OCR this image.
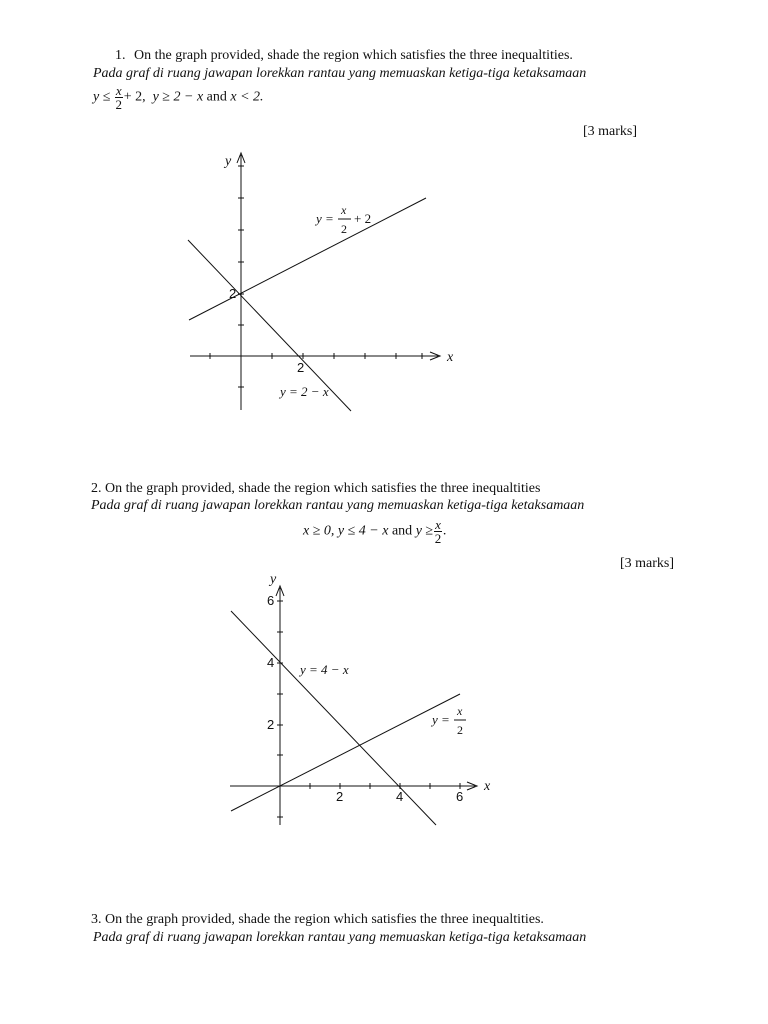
1. On the graph provided, shade the region which satisfies the three inequaltities.
Pada graf di ruang jawapan lorekkan rantau yang memuaskan ketiga-tiga ketaksamaan
$y \le \frac{x}{2} + 2$, y ≥ 2 − x and x < 2.
[3 marks]
y
x
2
2
y =
x
2
+ 2
y = 2 − x
2. On the graph provided, shade the region which satisfies the three inequaltities
Pada graf di ruang jawapan lorekkan rantau yang memuaskan ketiga-tiga ketaksamaan
x ≥ 0, y ≤ 4 − x and $y \ge \frac{x}{2}$ .
[3 marks]
y
x
6
4
2
2	4	6
y = 4 − x
y =
x
2
3. On the graph provided, shade the region which satisfies the three inequaltities.
Pada graf di ruang jawapan lorekkan rantau yang memuaskan ketiga-tiga ketaksamaan
